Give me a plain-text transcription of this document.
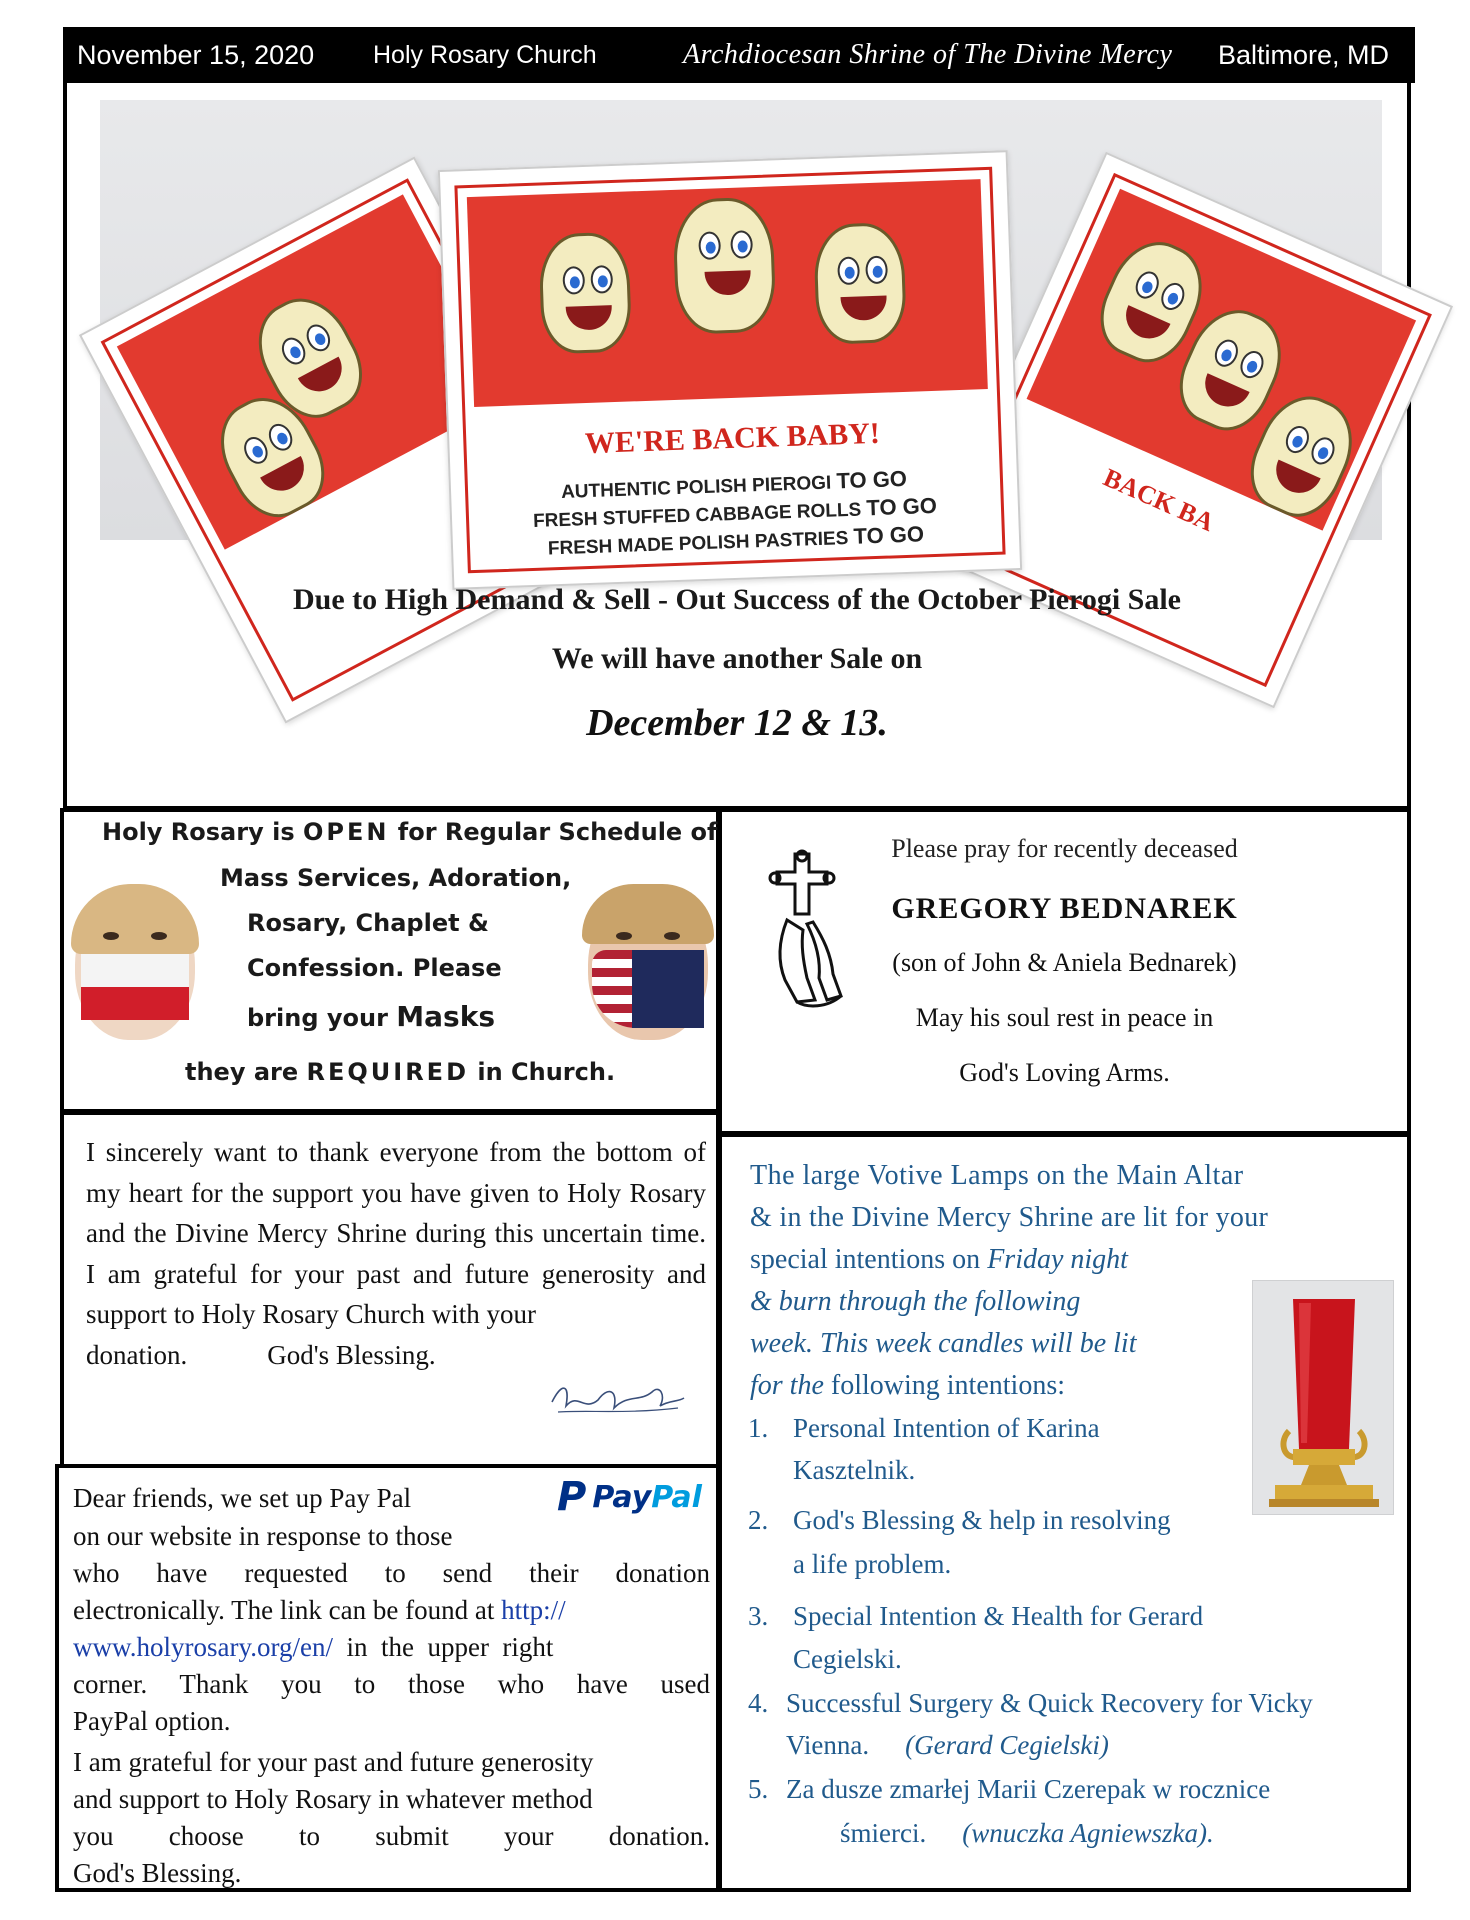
November 15, 2020 Holy Rosary Church	Archdiocesan Shrine of The Divine Mercy Baltimore, MD
BACK BA
WE'RE BACK BABY!
AUTHENTIC POLISH PIEROGI TO GO
FRESH STUFFED CABBAGE ROLLS TO GO
FRESH MADE POLISH PASTRIES TO GO
Due to High Demand & Sell - Out Success of the October Pierogi Sale
We will have another Sale on
December 12 & 13.
Holy Rosary is OPEN for Regular Schedule of
Mass Services, Adoration,
Rosary, Chaplet &
Confession. Please
bring your Masks
they are REQUIRED in Church.
Please pray for recently deceased
GREGORY BEDNAREK
(son of John & Aniela Bednarek)
May his soul rest in peace in
God's Loving Arms.
I sincerely want to thank everyone from the bottom of my heart for the support you have given to Holy Rosary and the Divine Mercy Shrine during this uncertain time. I am grateful for your past and future generosity and support to Holy Rosary Church with your
donation.	God's Blessing.
P PayPal
Dear friends, we set up Pay Pal
on our website in response to those
who have requested to send their donation
electronically. The link can be found at http://
www.holyrosary.org/en/  in  the  upper  right
corner. Thank you to those who have used
PayPal option.
I am grateful for your past and future generosity
and support to Holy Rosary in whatever method
you choose to submit your donation.
God's Blessing.
The large Votive Lamps on the Main Altar
& in the Divine Mercy Shrine are lit for your
special intentions on Friday night
& burn through the following
week. This week candles will be lit
for the following intentions:
1. Personal Intention of Karina
Kasztelnik.
2. God's Blessing & help in resolving
a life problem.
3. Special Intention & Health for Gerard
Cegielski.
4. Successful Surgery & Quick Recovery for Vicky
Vienna. (Gerard Cegielski)
5. Za dusze zmarłej Marii Czerepak w rocznice
śmierci. (wnuczka Agniewszka).
